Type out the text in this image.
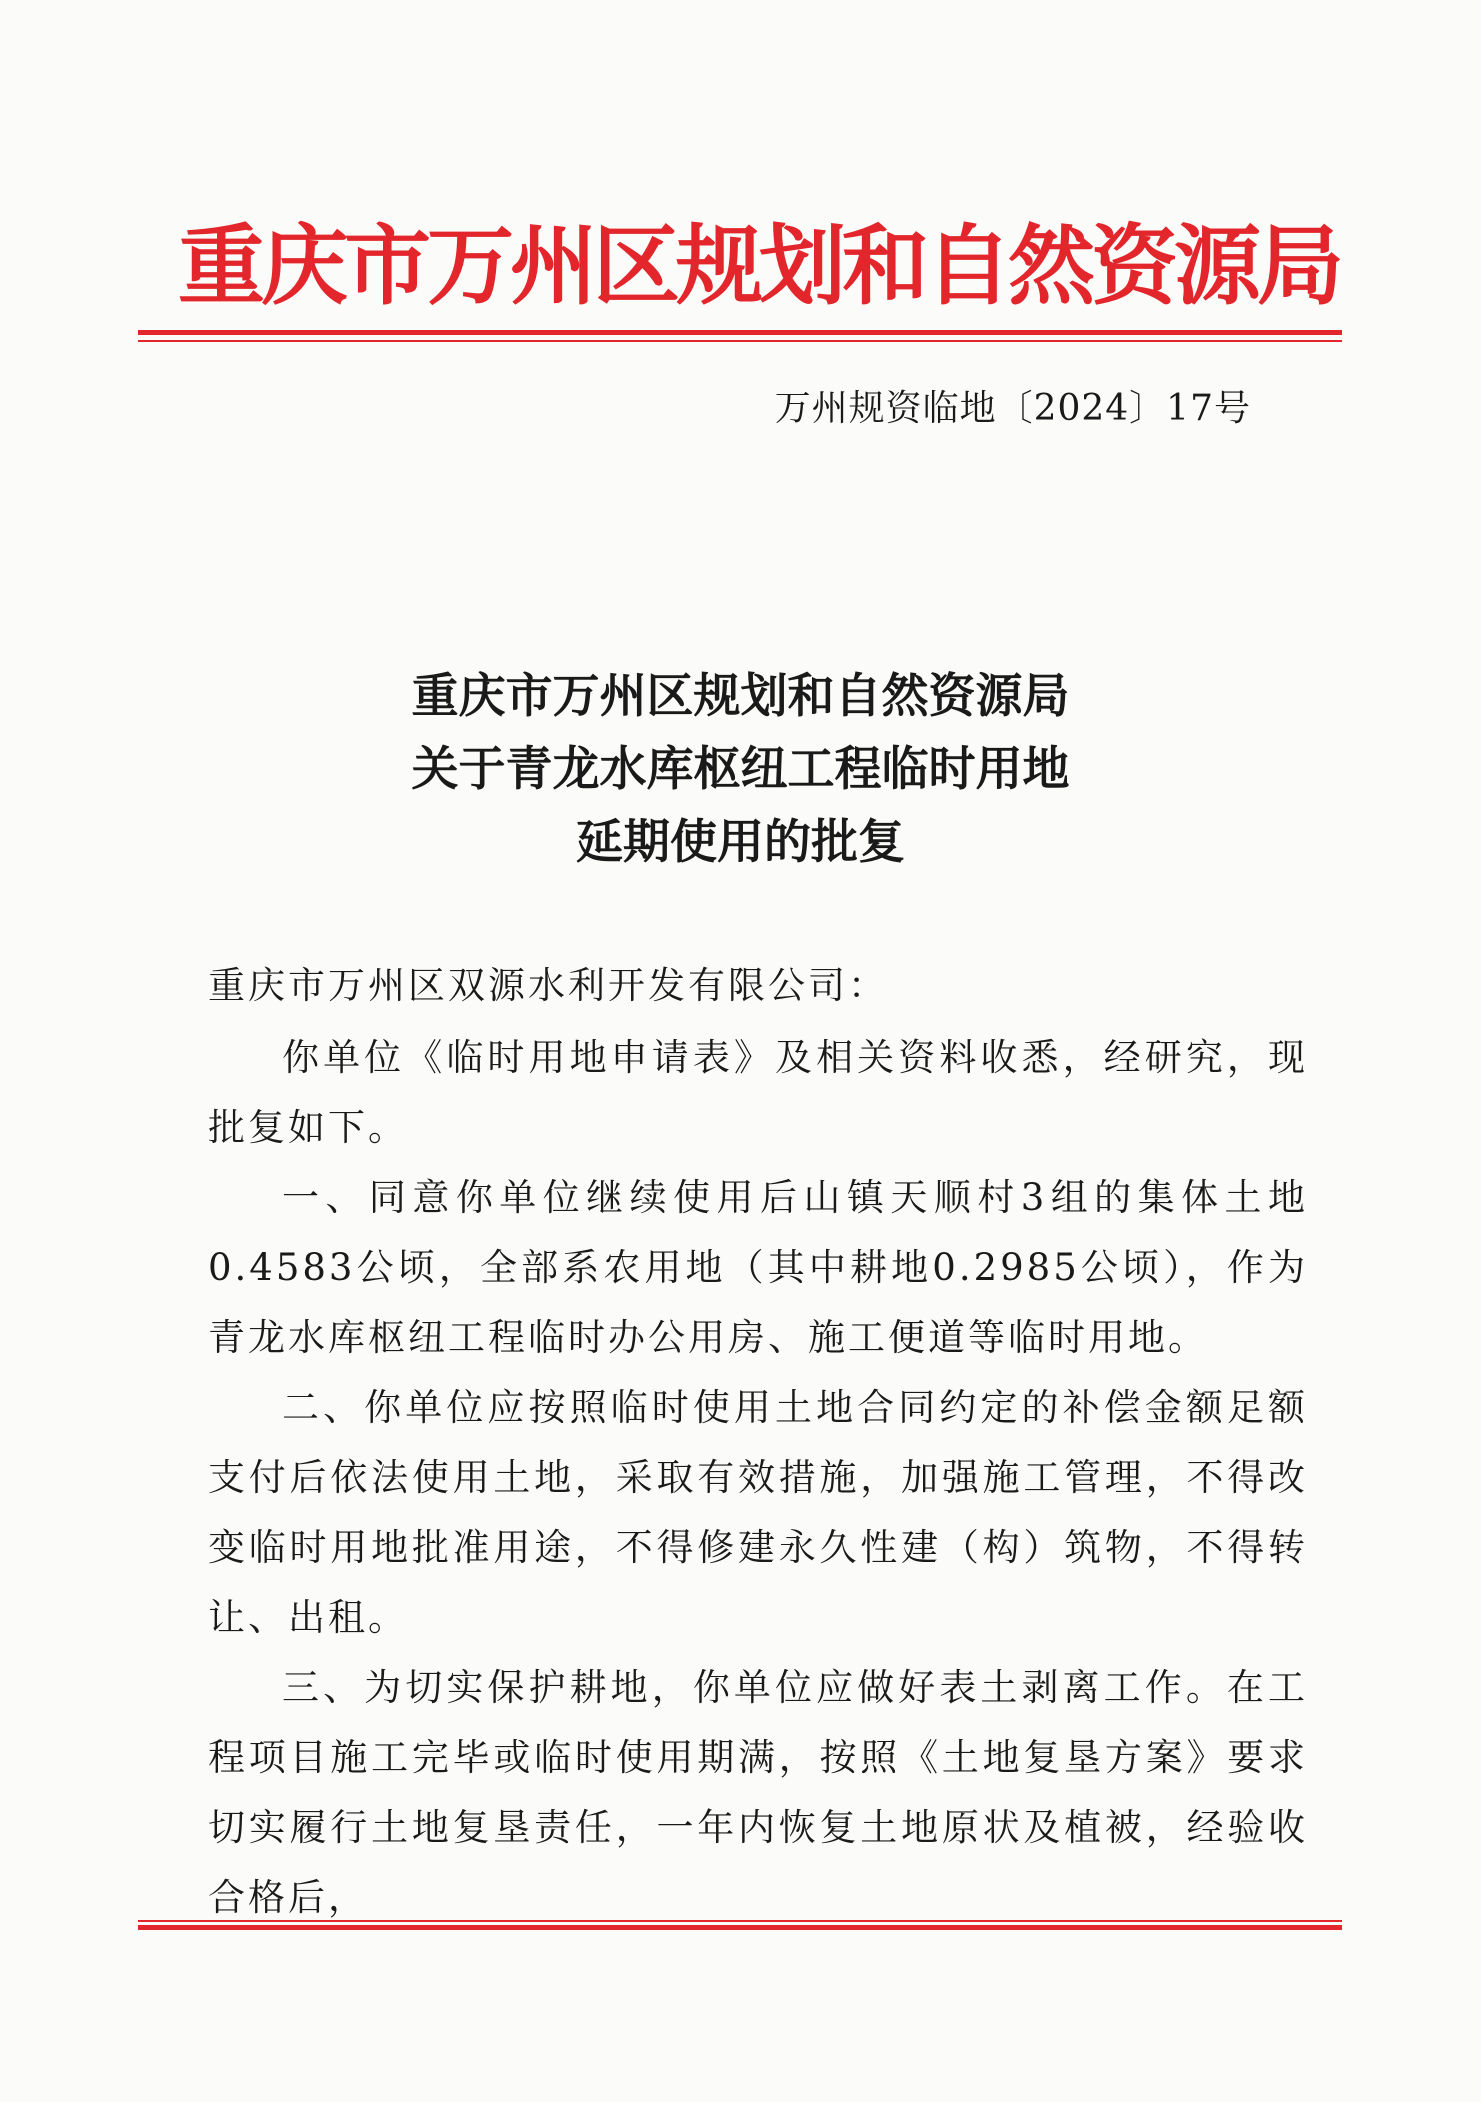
重庆市万州区规划和自然资源局
万州规资临地〔2024〕17号
重庆市万州区规划和自然资源局
关于青龙水库枢纽工程临时用地
延期使用的批复
重庆市万州区双源水利开发有限公司：

你单位《临时用地申请表》及相关资料收悉，经研究，现批复如下。

一、同意你单位继续使用后山镇天顺村3组的集体土地0.4583公顷，全部系农用地（其中耕地0.2985公顷），作为青龙水库枢纽工程临时办公用房、施工便道等临时用地。

二、你单位应按照临时使用土地合同约定的补偿金额足额支付后依法使用土地，采取有效措施，加强施工管理，不得改变临时用地批准用途，不得修建永久性建（构）筑物，不得转让、出租。

三、为切实保护耕地，你单位应做好表土剥离工作。在工程项目施工完毕或临时使用期满，按照《土地复垦方案》要求切实履行土地复垦责任，一年内恢复土地原状及植被，经验收合格后，
